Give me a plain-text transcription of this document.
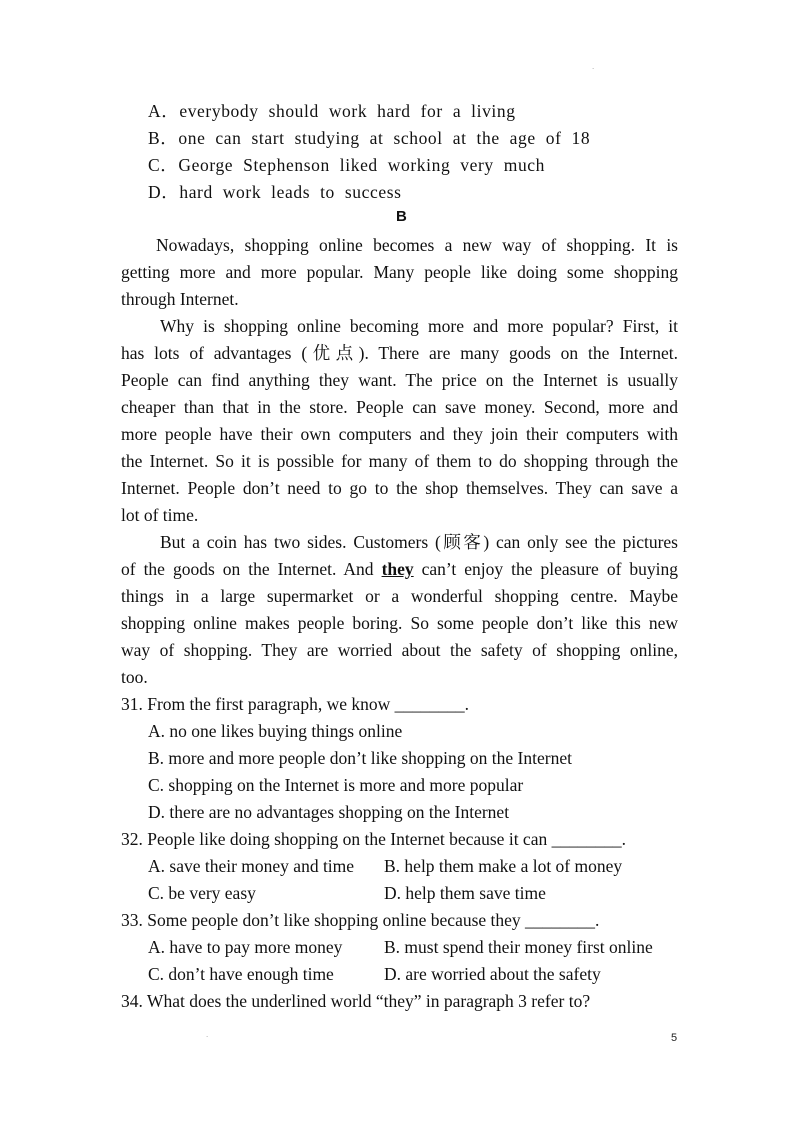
.
A．everybody should work hard for a living
B．one can start studying at school at the age of 18
C．George Stephenson liked working very much
D．hard work leads to success
B
Nowadays, shopping online becomes a new way of shopping. It is
getting more and more popular. Many people like doing some shopping
through Internet.
Why is shopping online becoming more and more popular? First, it
has lots of advantages (优点). There are many goods on the Internet.
People can find anything they want. The price on the Internet is usually
cheaper than that in the store. People can save money. Second, more and
more people have their own computers and they join their computers with
the Internet. So it is possible for many of them to do shopping through the
Internet. People don’t need to go to the shop themselves. They can save a
lot of time.
But a coin has two sides. Customers (顾客) can only see the pictures
of the goods on the Internet. And they can’t enjoy the pleasure of buying
things in a large supermarket or a wonderful shopping centre. Maybe
shopping online makes people boring. So some people don’t like this new
way of shopping. They are worried about the safety of shopping online,
too.
31. From the first paragraph, we know ________.
A. no one likes buying things online
B. more and more people don’t like shopping on the Internet
C. shopping on the Internet is more and more popular
D. there are no advantages shopping on the Internet
32. People like doing shopping on the Internet because it can ________.
A. save their money and time B. help them make a lot of money
C. be very easy	D. help them save time
33. Some people don’t like shopping online because they ________.
A. have to pay more money B. must spend their money first online
C. don’t have enough time	D. are worried about the safety
34. What does the underlined world “they” in paragraph 3 refer to?
.	5
